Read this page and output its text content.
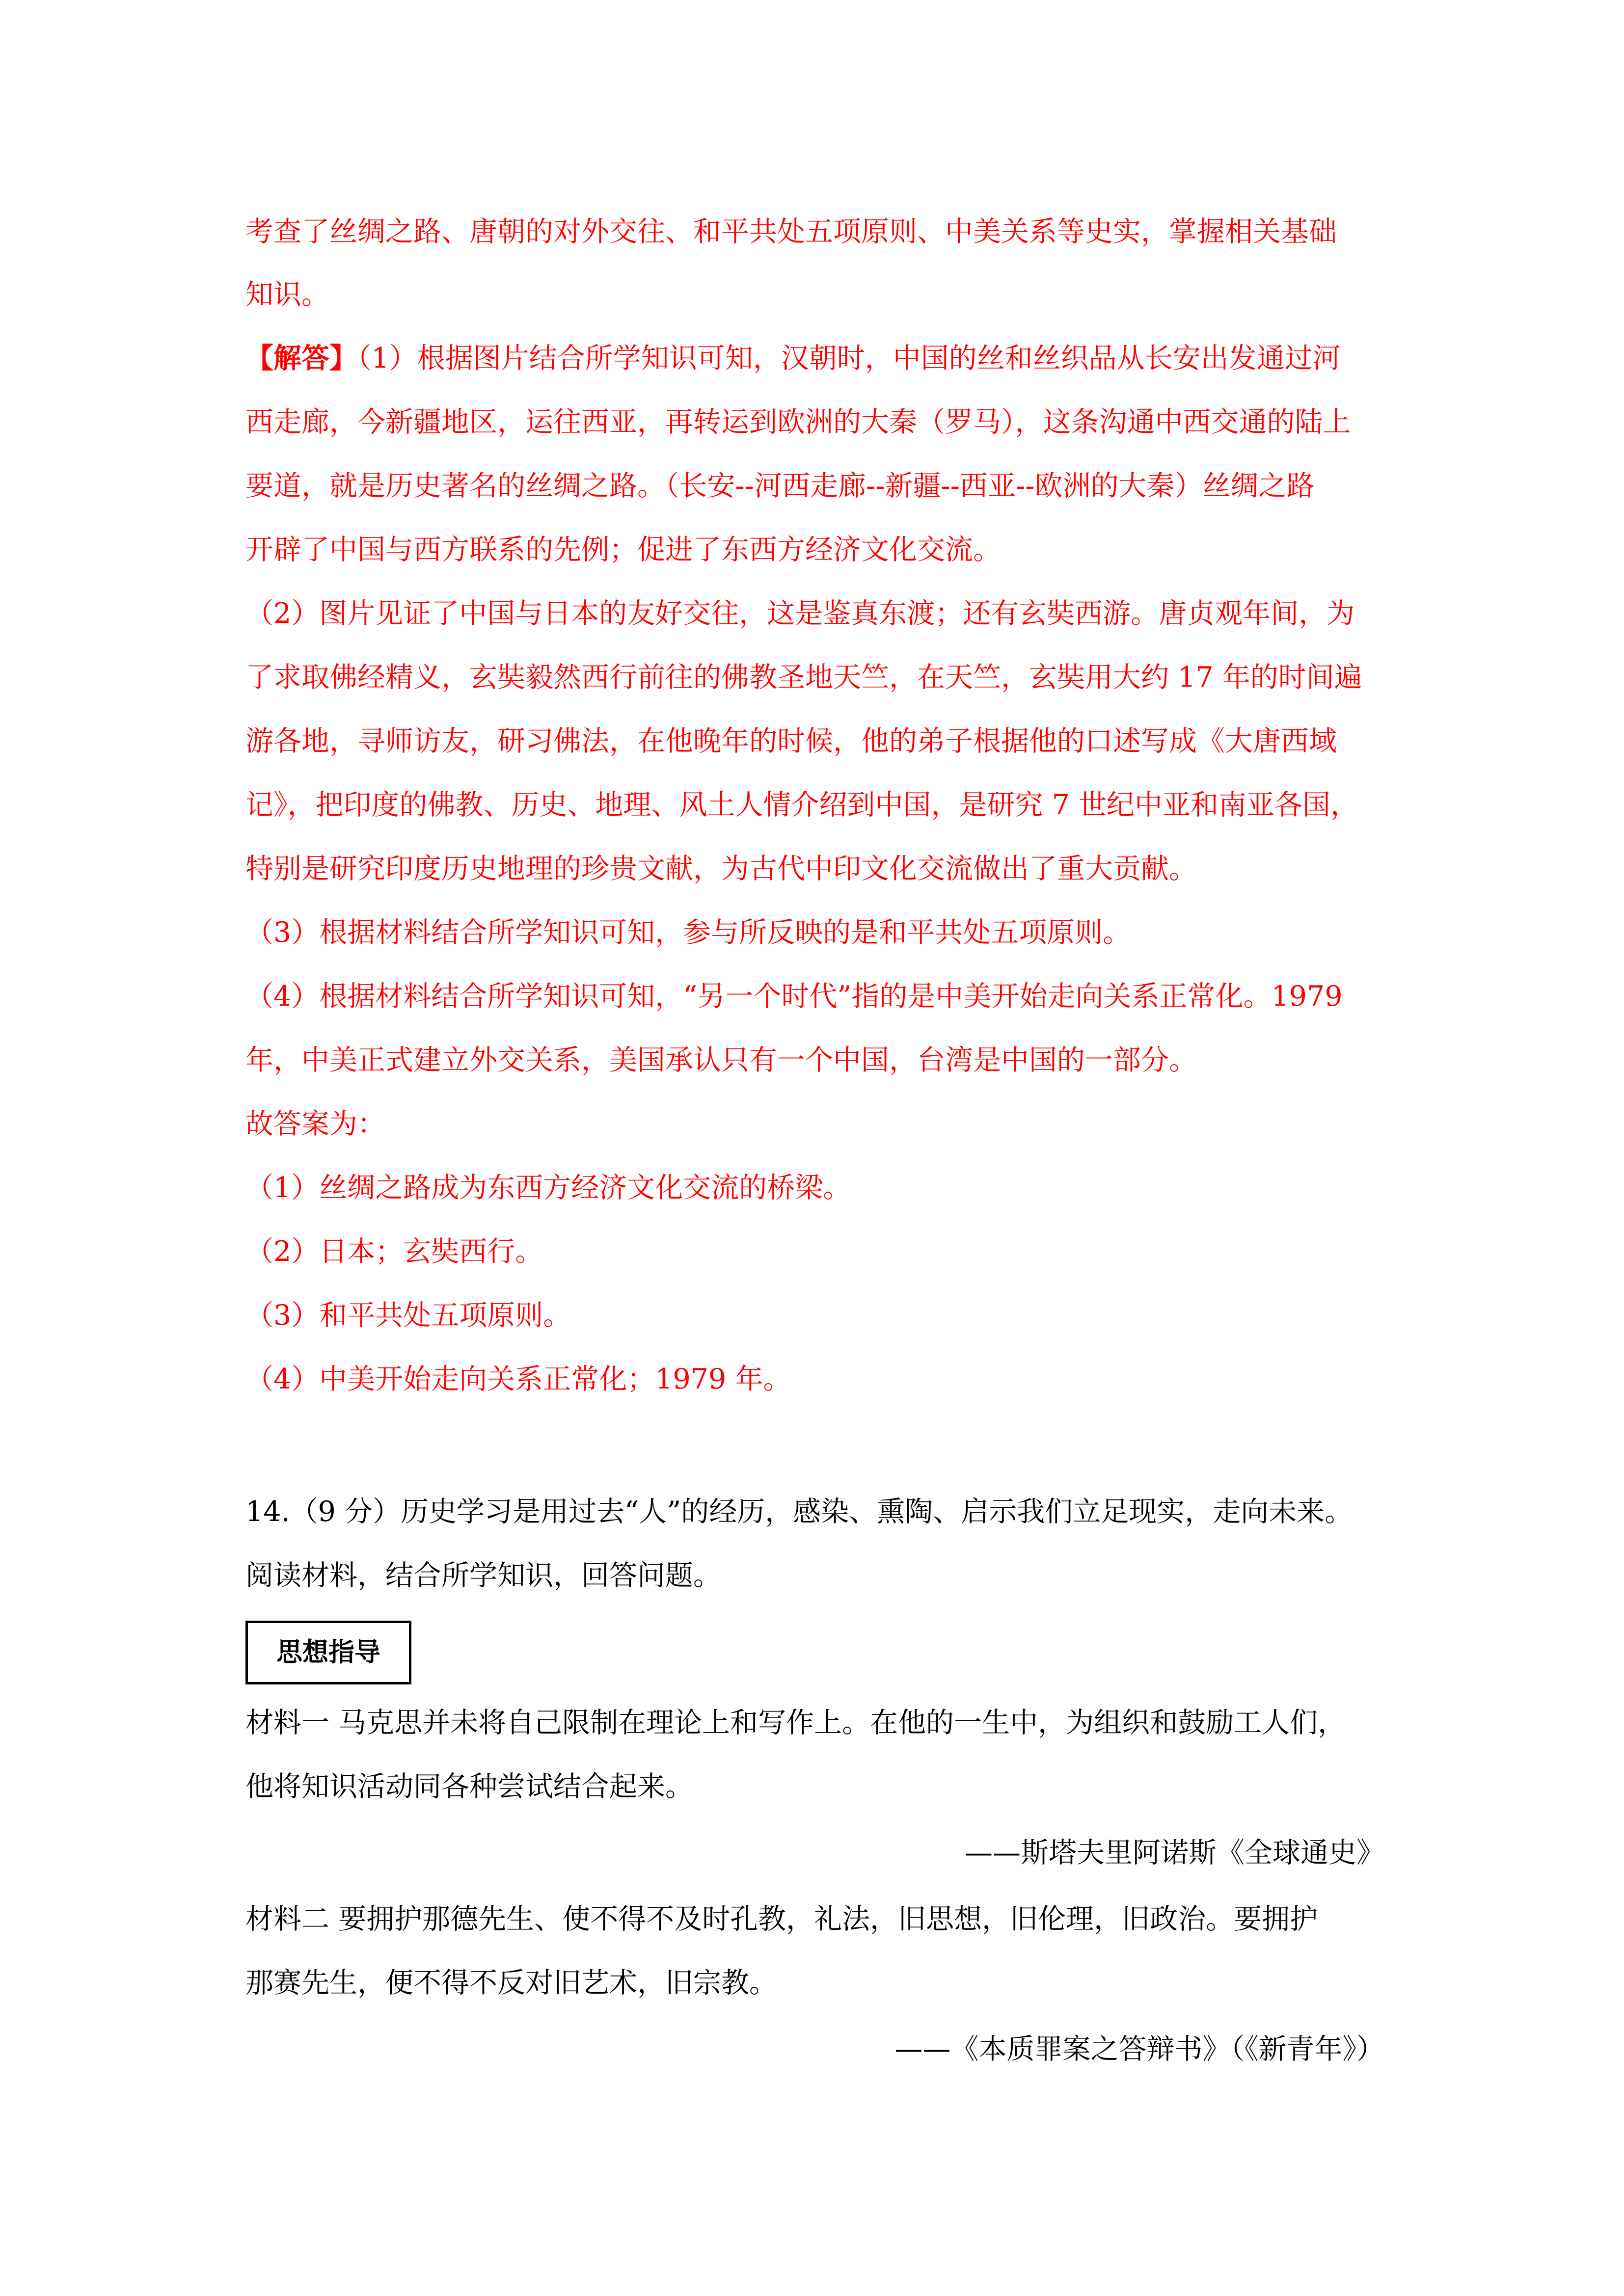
考查了丝绸之路、唐朝的对外交往、和平共处五项原则、中美关系等史实，掌握相关基础
知识。
【解答】（1）根据图片结合所学知识可知，汉朝时，中国的丝和丝织品从长安出发通过河
西走廊，今新疆地区，运往西亚，再转运到欧洲的大秦（罗马），这条沟通中西交通的陆上
要道，就是历史著名的丝绸之路。（长安--河西走廊--新疆--西亚--欧洲的大秦）丝绸之路
开辟了中国与西方联系的先例；促进了东西方经济文化交流。
（2）图片见证了中国与日本的友好交往，这是鉴真东渡；还有玄奘西游。唐贞观年间，为
了求取佛经精义，玄奘毅然西行前往的佛教圣地天竺，在天竺，玄奘用大约 17 年的时间遍
游各地，寻师访友，研习佛法，在他晚年的时候，他的弟子根据他的口述写成《大唐西域
记》，把印度的佛教、历史、地理、风土人情介绍到中国，是研究 7 世纪中亚和南亚各国，
特别是研究印度历史地理的珍贵文献，为古代中印文化交流做出了重大贡献。
（3）根据材料结合所学知识可知，参与所反映的是和平共处五项原则。
（4）根据材料结合所学知识可知，“另一个时代”指的是中美开始走向关系正常化。1979
年，中美正式建立外交关系，美国承认只有一个中国，台湾是中国的一部分。
故答案为：
（1）丝绸之路成为东西方经济文化交流的桥梁。
（2）日本；玄奘西行。
（3）和平共处五项原则。
（4）中美开始走向关系正常化；1979 年。
14.（9 分）历史学习是用过去“人”的经历，感染、熏陶、启示我们立足现实，走向未来。
阅读材料，结合所学知识，回答问题。
思想指导
材料一 马克思并未将自己限制在理论上和写作上。在他的一生中，为组织和鼓励工人们，
他将知识活动同各种尝试结合起来。
——斯塔夫里阿诺斯《全球通史》
材料二 要拥护那德先生、使不得不及时孔教，礼法，旧思想，旧伦理，旧政治。要拥护
那赛先生，便不得不反对旧艺术，旧宗教。
——《本质罪案之答辩书》（《新青年》）
